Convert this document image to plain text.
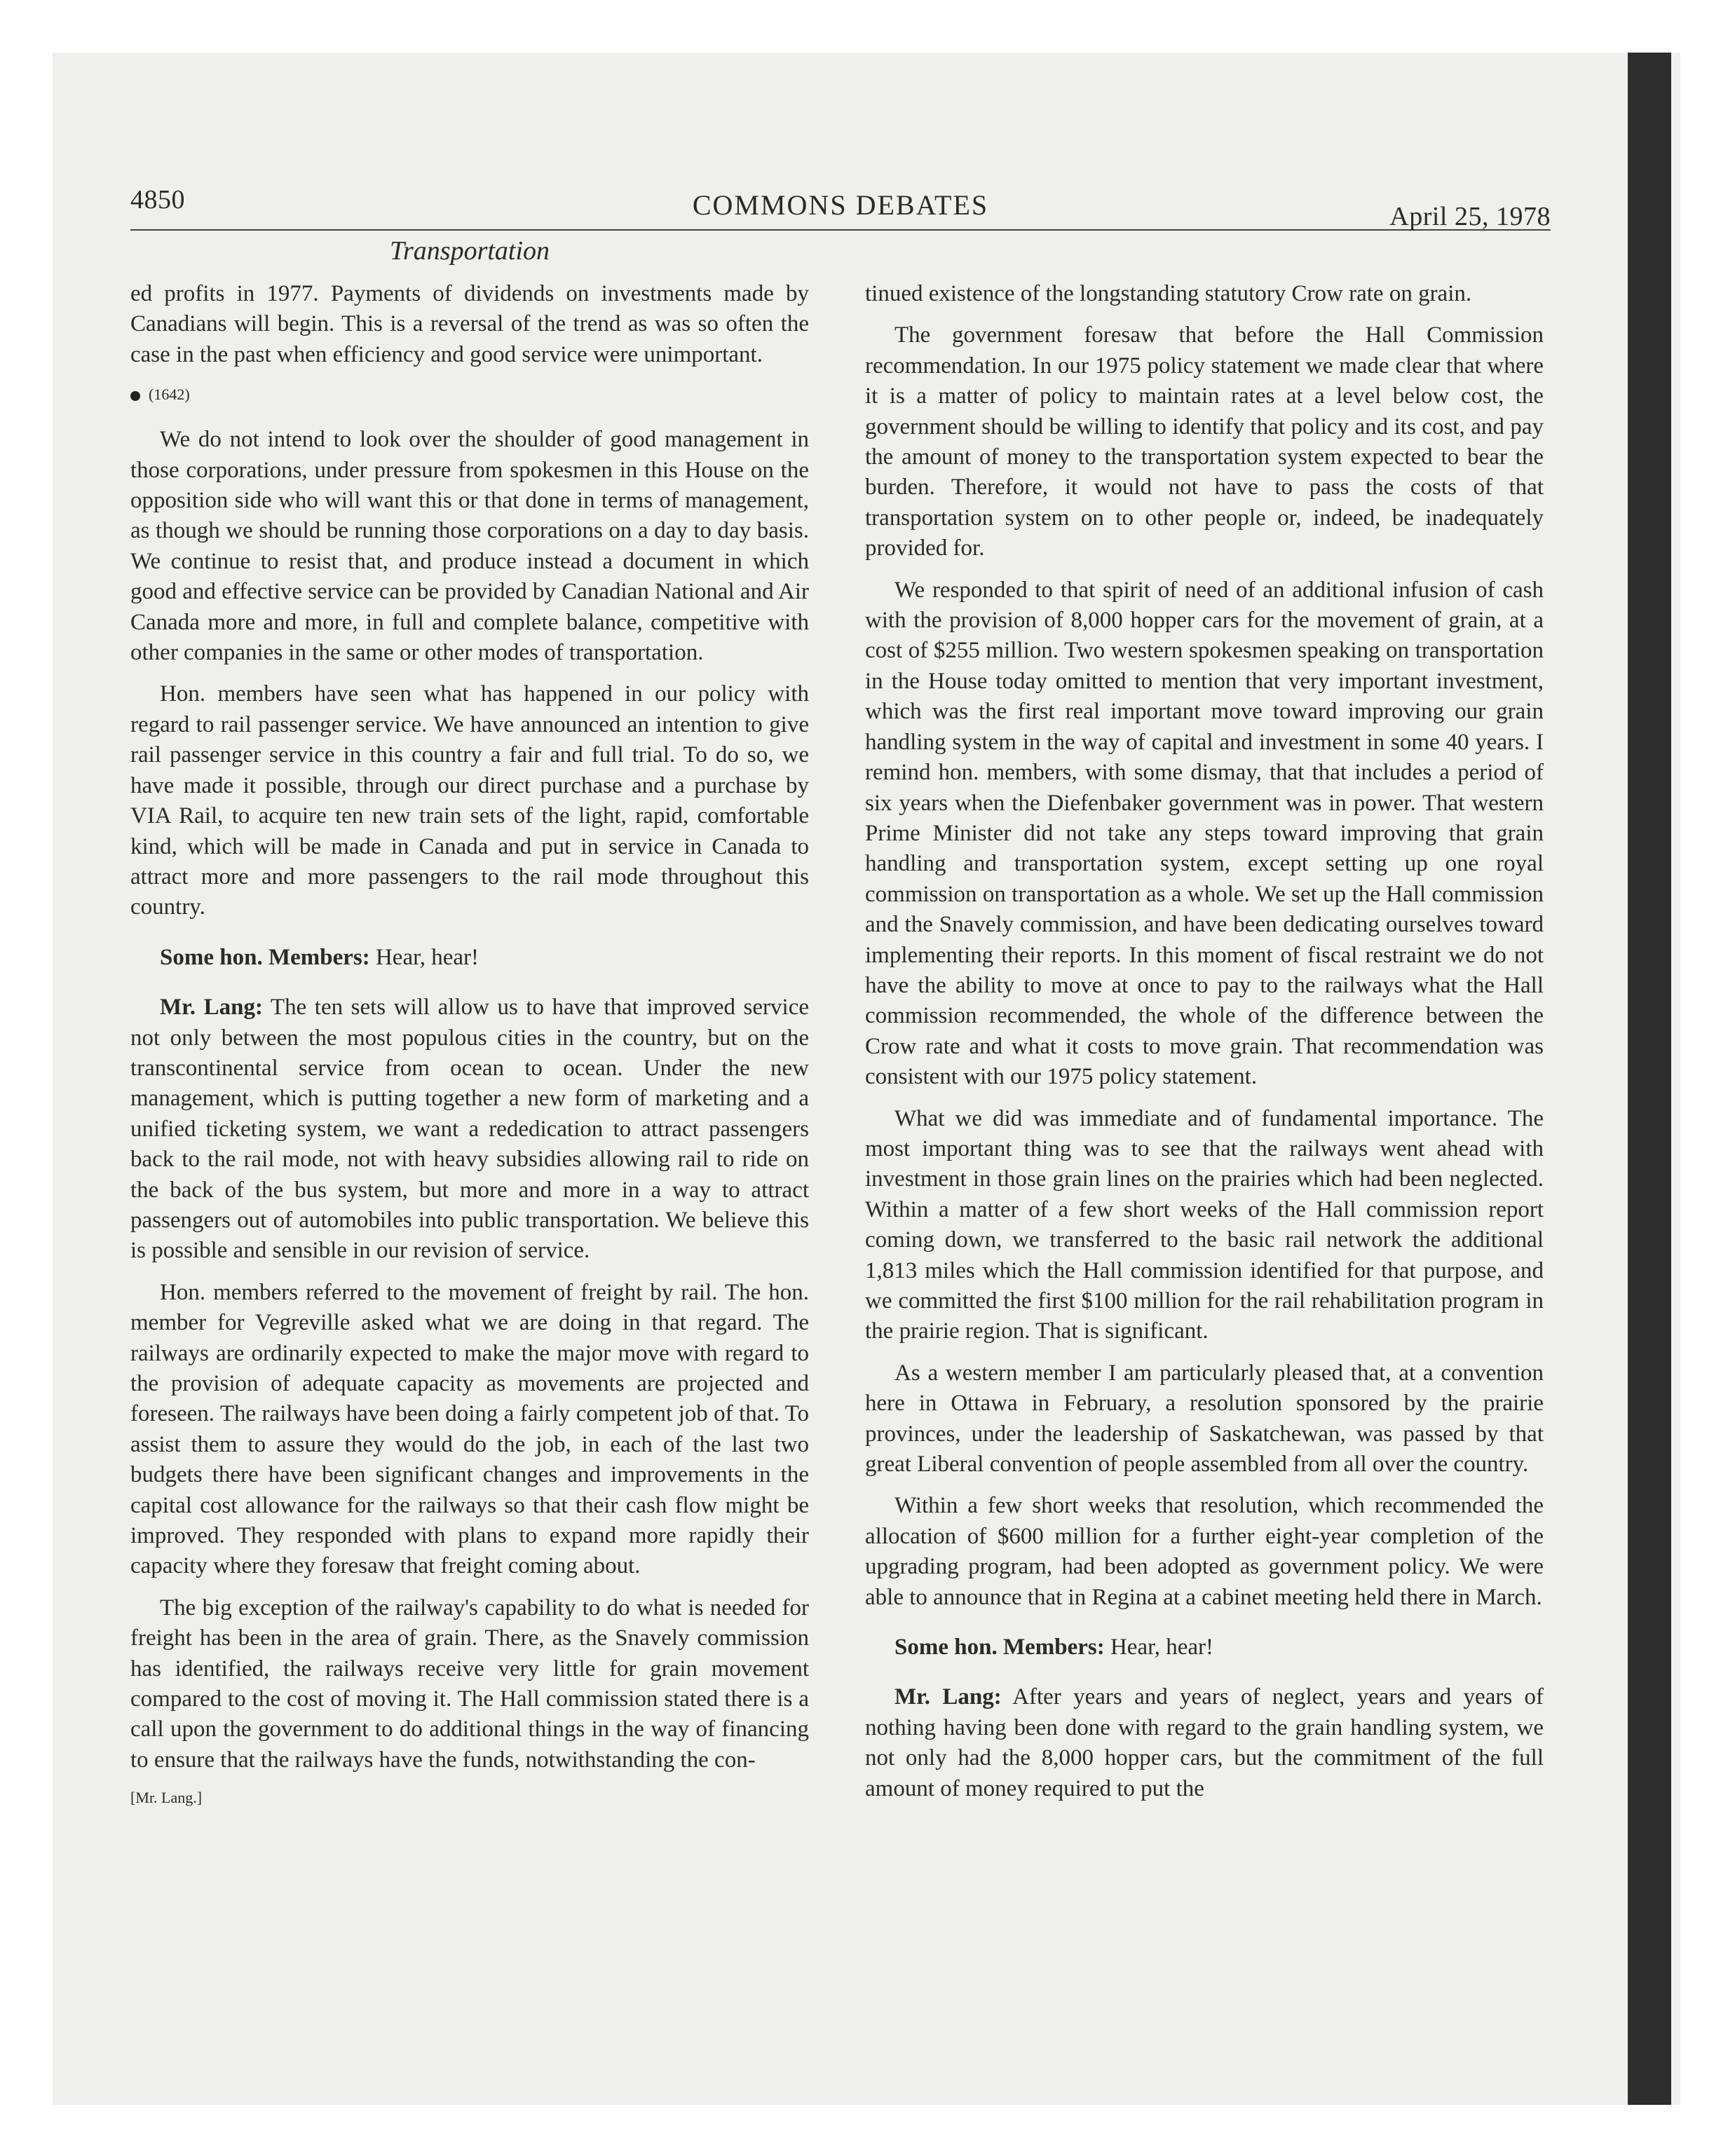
4850	COMMONS DEBATES	April 25, 1978
Transportation

ed profits in 1977. Payments of dividends on investments made by Canadians will begin. This is a reversal of the trend as was so often the case in the past when efficiency and good service were unimportant.

(1642)

We do not intend to look over the shoulder of good management in those corporations, under pressure from spokesmen in this House on the opposition side who will want this or that done in terms of management, as though we should be running those corporations on a day to day basis. We continue to resist that, and produce instead a document in which good and effective service can be provided by Canadian National and Air Canada more and more, in full and complete balance, competitive with other companies in the same or other modes of transportation.

Hon. members have seen what has happened in our policy with regard to rail passenger service. We have announced an intention to give rail passenger service in this country a fair and full trial. To do so, we have made it possible, through our direct purchase and a purchase by VIA Rail, to acquire ten new train sets of the light, rapid, comfortable kind, which will be made in Canada and put in service in Canada to attract more and more passengers to the rail mode throughout this country.

Some hon. Members: Hear, hear!

Mr. Lang: The ten sets will allow us to have that improved service not only between the most populous cities in the country, but on the transcontinental service from ocean to ocean. Under the new management, which is putting together a new form of marketing and a unified ticketing system, we want a rededication to attract passengers back to the rail mode, not with heavy subsidies allowing rail to ride on the back of the bus system, but more and more in a way to attract passengers out of automobiles into public transportation. We believe this is possible and sensible in our revision of service.

Hon. members referred to the movement of freight by rail. The hon. member for Vegreville asked what we are doing in that regard. The railways are ordinarily expected to make the major move with regard to the provision of adequate capacity as movements are projected and foreseen. The railways have been doing a fairly competent job of that. To assist them to assure they would do the job, in each of the last two budgets there have been significant changes and improvements in the capital cost allowance for the railways so that their cash flow might be improved. They responded with plans to expand more rapidly their capacity where they foresaw that freight coming about.

The big exception of the railway's capability to do what is needed for freight has been in the area of grain. There, as the Snavely commission has identified, the railways receive very little for grain movement compared to the cost of moving it. The Hall commission stated there is a call upon the government to do additional things in the way of financing to ensure that the railways have the funds, notwithstanding the con-

[Mr. Lang.]

tinued existence of the longstanding statutory Crow rate on grain.

The government foresaw that before the Hall Commission recommendation. In our 1975 policy statement we made clear that where it is a matter of policy to maintain rates at a level below cost, the government should be willing to identify that policy and its cost, and pay the amount of money to the transportation system expected to bear the burden. Therefore, it would not have to pass the costs of that transportation system on to other people or, indeed, be inadequately provided for.

We responded to that spirit of need of an additional infusion of cash with the provision of 8,000 hopper cars for the movement of grain, at a cost of $255 million. Two western spokesmen speaking on transportation in the House today omitted to mention that very important investment, which was the first real important move toward improving our grain handling system in the way of capital and investment in some 40 years. I remind hon. members, with some dismay, that that includes a period of six years when the Diefenbaker government was in power. That western Prime Minister did not take any steps toward improving that grain handling and transportation system, except setting up one royal commission on transportation as a whole. We set up the Hall commission and the Snavely commission, and have been dedicating ourselves toward implementing their reports. In this moment of fiscal restraint we do not have the ability to move at once to pay to the railways what the Hall commission recommended, the whole of the difference between the Crow rate and what it costs to move grain. That recommendation was consistent with our 1975 policy statement.

What we did was immediate and of fundamental importance. The most important thing was to see that the railways went ahead with investment in those grain lines on the prairies which had been neglected. Within a matter of a few short weeks of the Hall commission report coming down, we transferred to the basic rail network the additional 1,813 miles which the Hall commission identified for that purpose, and we committed the first $100 million for the rail rehabilitation program in the prairie region. That is significant.

As a western member I am particularly pleased that, at a convention here in Ottawa in February, a resolution sponsored by the prairie provinces, under the leadership of Saskatchewan, was passed by that great Liberal convention of people assembled from all over the country.

Within a few short weeks that resolution, which recommended the allocation of $600 million for a further eight-year completion of the upgrading program, had been adopted as government policy. We were able to announce that in Regina at a cabinet meeting held there in March.

Some hon. Members: Hear, hear!

Mr. Lang: After years and years of neglect, years and years of nothing having been done with regard to the grain handling system, we not only had the 8,000 hopper cars, but the commitment of the full amount of money required to put the
